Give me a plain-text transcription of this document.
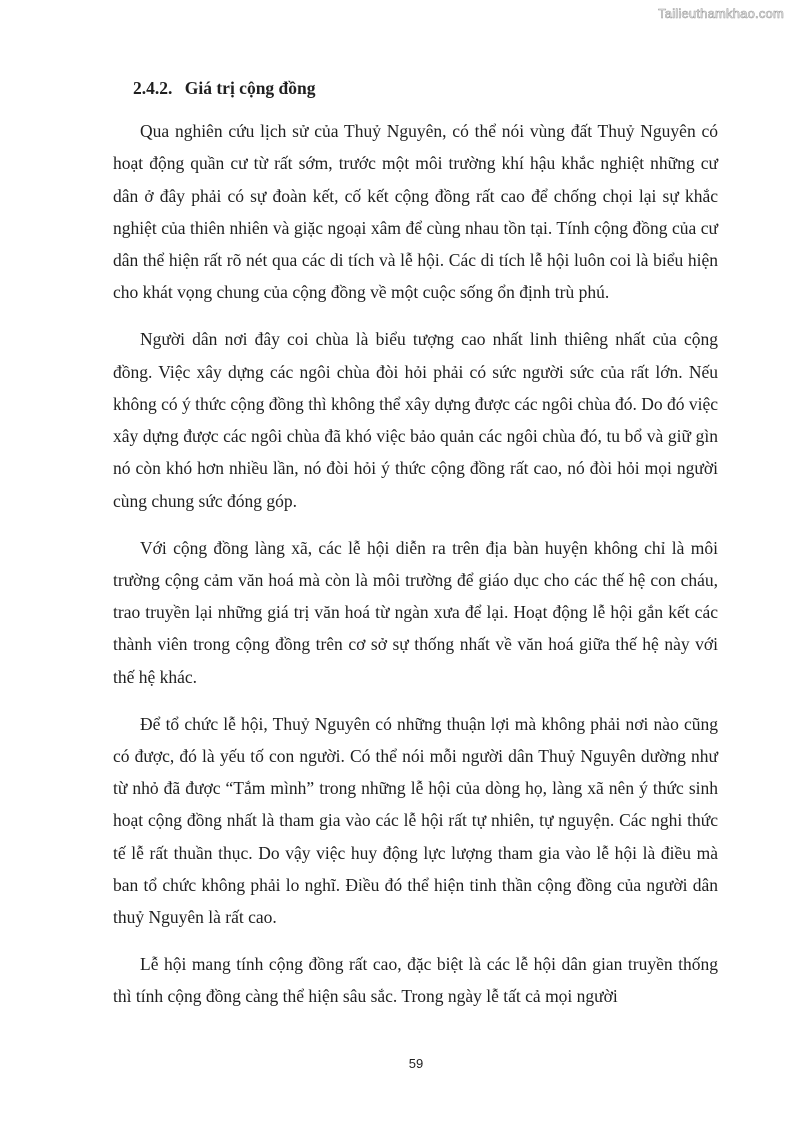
Tailieuthamkhao.com
2.4.2. Giá trị cộng đồng

Qua nghiên cứu lịch sử của Thuỷ Nguyên, có thể nói vùng đất Thuỷ Nguyên có hoạt động quần cư từ rất sớm, trước một môi trường khí hậu khắc nghiệt những cư dân ở đây phải có sự đoàn kết, cố kết cộng đồng rất cao để chống chọi lại sự khắc nghiệt của thiên nhiên và giặc ngoại xâm để cùng nhau tồn tại. Tính cộng đồng của cư dân thể hiện rất rõ nét qua các di tích và lễ hội. Các di tích lễ hội luôn coi là biểu hiện cho khát vọng chung của cộng đồng về một cuộc sống ổn định trù phú.

Người dân nơi đây coi chùa là biểu tượng cao nhất linh thiêng nhất của cộng đồng. Việc xây dựng các ngôi chùa đòi hỏi phải có sức người sức của rất lớn. Nếu không có ý thức cộng đồng thì không thể xây dựng được các ngôi chùa đó. Do đó việc xây dựng được các ngôi chùa đã khó việc bảo quản các ngôi chùa đó, tu bổ và giữ gìn nó còn khó hơn nhiều lần, nó đòi hỏi ý thức cộng đồng rất cao, nó đòi hỏi mọi người cùng chung sức đóng góp.

Với cộng đồng làng xã, các lễ hội diễn ra trên địa bàn huyện không chỉ là môi trường cộng cảm văn hoá mà còn là môi trường để giáo dục cho các thế hệ con cháu, trao truyền lại những giá trị văn hoá từ ngàn xưa để lại. Hoạt động lễ hội gắn kết các thành viên trong cộng đồng trên cơ sở sự thống nhất về văn hoá giữa thế hệ này với thế hệ khác.

Để tổ chức lễ hội, Thuỷ Nguyên có những thuận lợi mà không phải nơi nào cũng có được, đó là yếu tố con người. Có thể nói mỗi người dân Thuỷ Nguyên dường như từ nhỏ đã được “Tắm mình” trong những lễ hội của dòng họ, làng xã nên ý thức sinh hoạt cộng đồng nhất là tham gia vào các lễ hội rất tự nhiên, tự nguyện. Các nghi thức tế lễ rất thuần thục. Do vậy việc huy động lực lượng tham gia vào lễ hội là điều mà ban tổ chức không phải lo nghĩ. Điều đó thể hiện tinh thần cộng đồng của người dân thuỷ Nguyên là rất cao.

Lễ hội mang tính cộng đồng rất cao, đặc biệt là các lễ hội dân gian truyền thống thì tính cộng đồng càng thể hiện sâu sắc. Trong ngày lễ tất cả mọi người

59
